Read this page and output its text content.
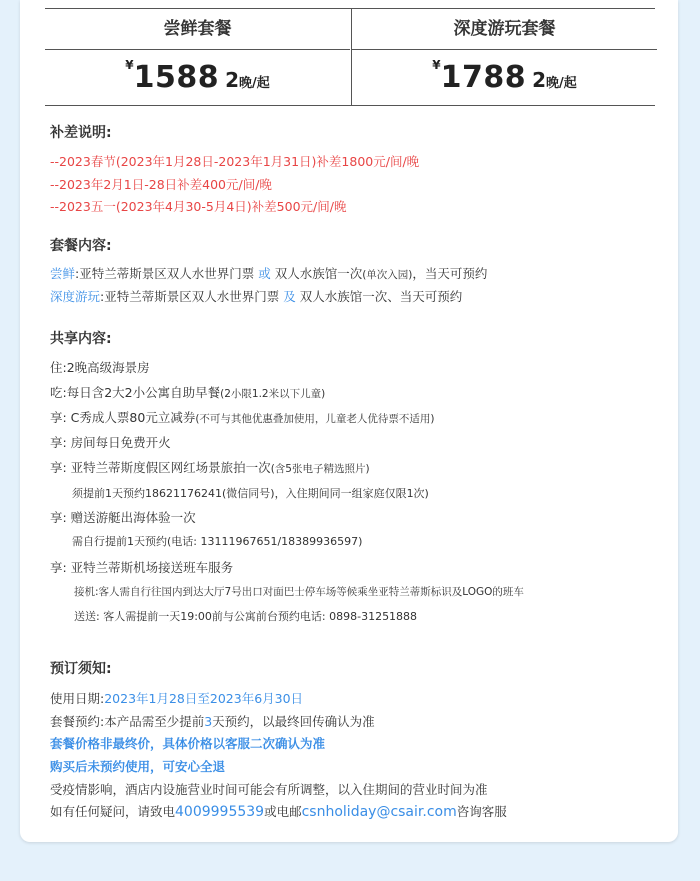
尝鲜套餐
¥1588 2晚/起
深度游玩套餐
¥1788 2晚/起
补差说明:
--2023春节(2023年1月28日-2023年1月31日)补差1800元/间/晚
--2023年2月1日-28日补差400元/间/晚
--2023五一(2023年4月30-5月4日)补差500元/间/晚
套餐内容:
尝鲜:亚特兰蒂斯景区双人水世界门票 或 双人水族馆一次(单次入园)，当天可预约
深度游玩:亚特兰蒂斯景区双人水世界门票 及 双人水族馆一次、当天可预约
共享内容:
住:2晚高级海景房
吃:每日含2大2小公寓自助早餐(2小限1.2米以下儿童)
享: C秀成人票80元立减券(不可与其他优惠叠加使用，儿童老人优待票不适用)
享: 房间每日免费开火
享: 亚特兰蒂斯度假区网红场景旅拍一次(含5张电子精选照片)
须提前1天预约18621176241(微信同号)，入住期间同一组家庭仅限1次)
享: 赠送游艇出海体验一次
需自行提前1天预约(电话: 13111967651/18389936597)
享: 亚特兰蒂斯机场接送班车服务
接机:客人需自行往国内到达大厅7号出口对面巴士停车场等候乘坐亚特兰蒂斯标识及LOGO的班车
送送: 客人需提前一天19:00前与公寓前台预约电话: 0898-31251888
预订须知:
使用日期:2023年1月28日至2023年6月30日
套餐预约:本产品需至少提前3天预约，以最终回传确认为准
套餐价格非最终价，具体价格以客服二次确认为准
购买后未预约使用，可安心全退
受疫情影响，酒店内设施营业时间可能会有所调整，以入住期间的营业时间为准
如有任何疑问，请致电4009995539或电邮csnholiday@csair.com咨询客服
